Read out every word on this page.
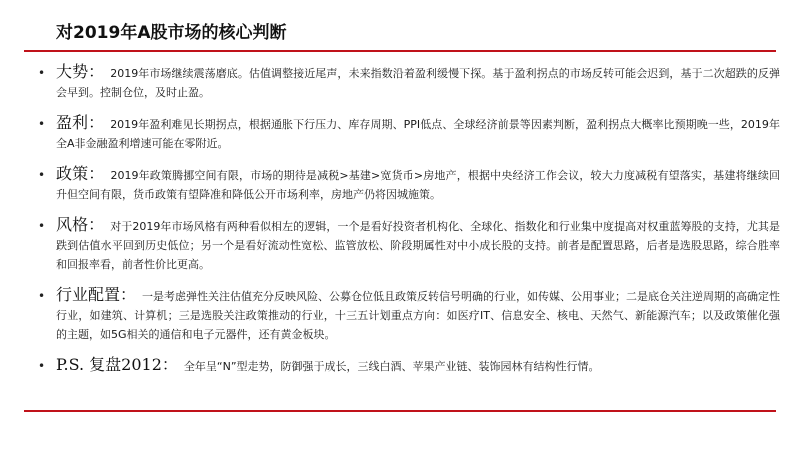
对2019年A股市场的核心判断
• 大势： 2019年市场继续震荡磨底。估值调整接近尾声，未来指数沿着盈利缓慢下探。基于盈利拐点的市场反转可能会迟到，基于二次超跌的反弹会早到。控制仓位，及时止盈。

• 盈利： 2019年盈利难见长期拐点，根据通胀下行压力、库存周期、PPI低点、全球经济前景等因素判断，盈利拐点大概率比预期晚一些，2019年全A非金融盈利增速可能在零附近。

• 政策： 2019年政策腾挪空间有限，市场的期待是减税>基建>宽货币>房地产，根据中央经济工作会议，较大力度减税有望落实，基建将继续回升但空间有限，货币政策有望降准和降低公开市场利率，房地产仍将因城施策。

• 风格： 对于2019年市场风格有两种看似相左的逻辑，一个是看好投资者机构化、全球化、指数化和行业集中度提高对权重蓝筹股的支持，尤其是跌到估值水平回到历史低位；另一个是看好流动性宽松、监管放松、阶段期属性对中小成长股的支持。前者是配置思路，后者是选股思路，综合胜率和回报率看，前者性价比更高。

• 行业配置： 一是考虑弹性关注估值充分反映风险、公募仓位低且政策反转信号明确的行业，如传媒、公用事业；二是底仓关注逆周期的高确定性行业，如建筑、计算机；三是选股关注政策推动的行业，十三五计划重点方向：如医疗IT、信息安全、核电、天然气、新能源汽车；以及政策催化强的主题，如5G相关的通信和电子元器件，还有黄金板块。

• P.S. 复盘2012： 全年呈“N”型走势，防御强于成长，三线白酒、苹果产业链、装饰园林有结构性行情。
